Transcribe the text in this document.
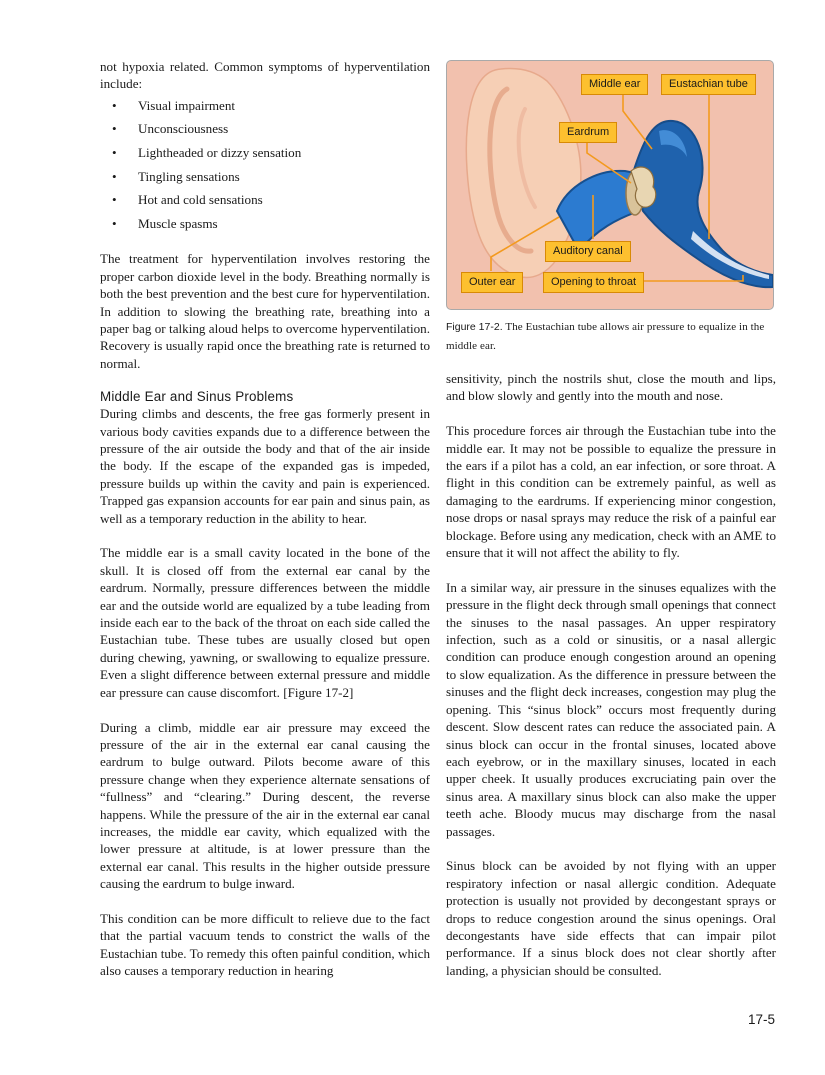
not hypoxia related. Common symptoms of hyperventilation include:

• Visual impairment
• Unconsciousness
• Lightheaded or dizzy sensation
• Tingling sensations
• Hot and cold sensations
• Muscle spasms

The treatment for hyperventilation involves restoring the proper carbon dioxide level in the body. Breathing normally is both the best prevention and the best cure for hyperventilation. In addition to slowing the breathing rate, breathing into a paper bag or talking aloud helps to overcome hyperventilation. Recovery is usually rapid once the breathing rate is returned to normal.

Middle Ear and Sinus Problems

During climbs and descents, the free gas formerly present in various body cavities expands due to a difference between the pressure of the air outside the body and that of the air inside the body. If the escape of the expanded gas is impeded, pressure builds up within the cavity and pain is experienced. Trapped gas expansion accounts for ear pain and sinus pain, as well as a temporary reduction in the ability to hear.

The middle ear is a small cavity located in the bone of the skull. It is closed off from the external ear canal by the eardrum. Normally, pressure differences between the middle ear and the outside world are equalized by a tube leading from inside each ear to the back of the throat on each side called the Eustachian tube. These tubes are usually closed but open during chewing, yawning, or swallowing to equalize pressure. Even a slight difference between external pressure and middle ear pressure can cause discomfort. [Figure 17-2]

During a climb, middle ear air pressure may exceed the pressure of the air in the external ear canal causing the eardrum to bulge outward. Pilots become aware of this pressure change when they experience alternate sensations of “fullness” and “clearing.” During descent, the reverse happens. While the pressure of the air in the external ear canal increases, the middle ear cavity, which equalized with the lower pressure at altitude, is at lower pressure than the external ear canal. This results in the higher outside pressure causing the eardrum to bulge inward.

This condition can be more difficult to relieve due to the fact that the partial vacuum tends to constrict the walls of the Eustachian tube. To remedy this often painful condition, which also causes a temporary reduction in hearing

Middle ear	Eustachian tube
Eardrum
Auditory canal
Outer ear	Opening to throat
Figure 17-2. The Eustachian tube allows air pressure to equalize in the middle ear.

sensitivity, pinch the nostrils shut, close the mouth and lips, and blow slowly and gently into the mouth and nose.

This procedure forces air through the Eustachian tube into the middle ear. It may not be possible to equalize the pressure in the ears if a pilot has a cold, an ear infection, or sore throat. A flight in this condition can be extremely painful, as well as damaging to the eardrums. If experiencing minor congestion, nose drops or nasal sprays may reduce the risk of a painful ear blockage. Before using any medication, check with an AME to ensure that it will not affect the ability to fly.

In a similar way, air pressure in the sinuses equalizes with the pressure in the flight deck through small openings that connect the sinuses to the nasal passages. An upper respiratory infection, such as a cold or sinusitis, or a nasal allergic condition can produce enough congestion around an opening to slow equalization. As the difference in pressure between the sinuses and the flight deck increases, congestion may plug the opening. This “sinus block” occurs most frequently during descent. Slow descent rates can reduce the associated pain. A sinus block can occur in the frontal sinuses, located above each eyebrow, or in the maxillary sinuses, located in each upper cheek. It usually produces excruciating pain over the sinus area. A maxillary sinus block can also make the upper teeth ache. Bloody mucus may discharge from the nasal passages.

Sinus block can be avoided by not flying with an upper respiratory infection or nasal allergic condition. Adequate protection is usually not provided by decongestant sprays or drops to reduce congestion around the sinus openings. Oral decongestants have side effects that can impair pilot performance. If a sinus block does not clear shortly after landing, a physician should be consulted.

17-5
